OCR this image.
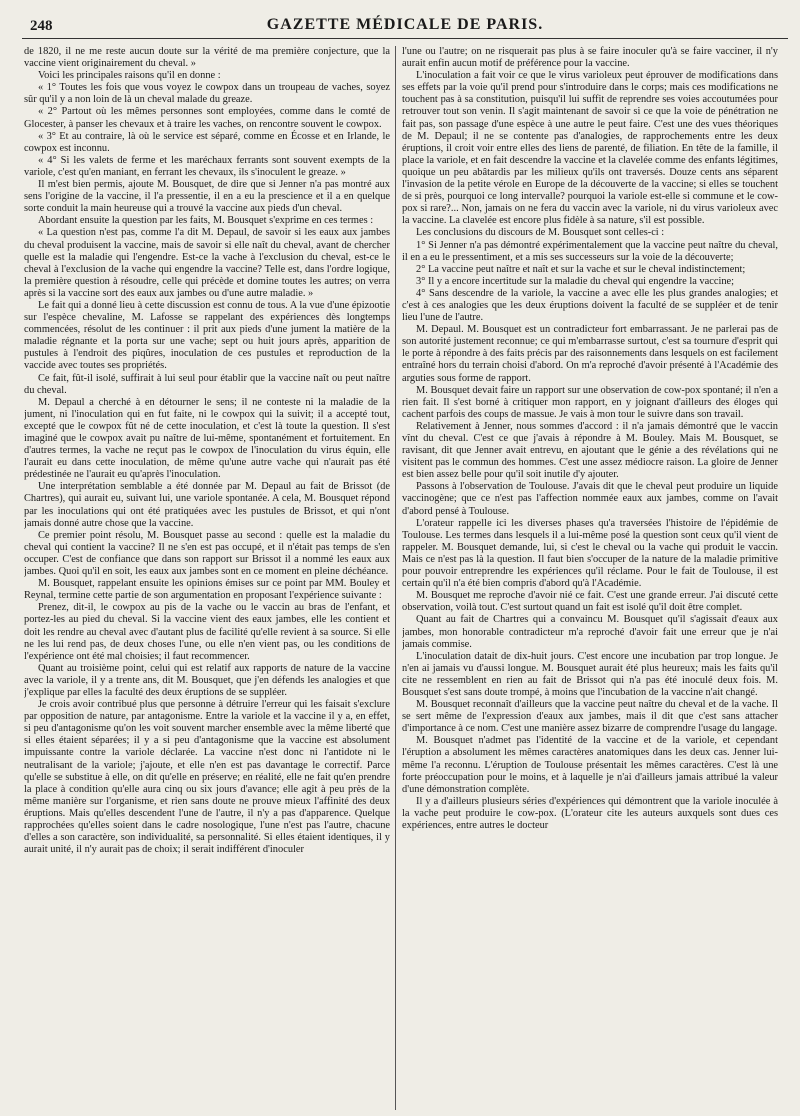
248	GAZETTE MÉDICALE DE PARIS.

de 1820, il ne me reste aucun doute sur la vérité de ma première conjecture, que la vaccine vient originairement du cheval. »

Voici les principales raisons qu'il en donne :

« 1° Toutes les fois que vous voyez le cowpox dans un troupeau de vaches, soyez sûr qu'il y a non loin de là un cheval malade du greaze.

« 2° Partout où les mêmes personnes sont employées, comme dans le comté de Glocester, à panser les chevaux et à traire les vaches, on rencontre souvent le cowpox.

« 3° Et au contraire, là où le service est séparé, comme en Écosse et en Irlande, le cowpox est inconnu.

« 4° Si les valets de ferme et les maréchaux ferrants sont souvent exempts de la variole, c'est qu'en maniant, en ferrant les chevaux, ils s'inoculent le greaze. »

Il m'est bien permis, ajoute M. Bousquet, de dire que si Jenner n'a pas montré aux sens l'origine de la vaccine, il l'a pressentie, il en a eu la prescience et il a en quelque sorte conduit la main heureuse qui a trouvé la vaccine aux pieds d'un cheval.

Abordant ensuite la question par les faits, M. Bousquet s'exprime en ces termes :

« La question n'est pas, comme l'a dit M. Depaul, de savoir si les eaux aux jambes du cheval produisent la vaccine, mais de savoir si elle naît du cheval, avant de chercher quelle est la maladie qui l'engendre. Est-ce la vache à l'exclusion du cheval, est-ce le cheval à l'exclusion de la vache qui engendre la vaccine? Telle est, dans l'ordre logique, la première question à résoudre, celle qui précède et domine toutes les autres; on verra après si la vaccine sort des eaux aux jambes ou d'une autre maladie. »

Le fait qui a donné lieu à cette discussion est connu de tous. A la vue d'une épizootie sur l'espèce chevaline, M. Lafosse se rappelant des expériences dès longtemps commencées, résolut de les continuer : il prit aux pieds d'une jument la matière de la maladie régnante et la porta sur une vache; sept ou huit jours après, apparition de pustules à l'endroit des piqûres, inoculation de ces pustules et reproduction de la vaccide avec toutes ses propriétés.

Ce fait, fût-il isolé, suffirait à lui seul pour établir que la vaccine naît ou peut naître du cheval.

M. Depaul a cherché à en détourner le sens; il ne conteste ni la maladie de la jument, ni l'inoculation qui en fut faite, ni le cowpox qui la suivit; il a accepté tout, excepté que le cowpox fût né de cette inoculation, et c'est là toute la question. Il s'est imaginé que le cowpox avait pu naître de lui-même, spontanément et fortuitement. En d'autres termes, la vache ne reçut pas le cowpox de l'inoculation du virus équin, elle l'aurait eu dans cette inoculation, de même qu'une autre vache qui n'aurait pas été prédestinée ne l'aurait eu qu'après l'inoculation.

Une interprétation semblable a été donnée par M. Depaul au fait de Brissot (de Chartres), qui aurait eu, suivant lui, une variole spontanée. A cela, M. Bousquet répond par les inoculations qui ont été pratiquées avec les pustules de Brissot, et qui n'ont jamais donné autre chose que la vaccine.

Ce premier point résolu, M. Bousquet passe au second : quelle est la maladie du cheval qui contient la vaccine? Il ne s'en est pas occupé, et il n'était pas temps de s'en occuper. C'est de confiance que dans son rapport sur Brissot il a nommé les eaux aux jambes. Quoi qu'il en soit, les eaux aux jambes sont en ce moment en pleine déchéance.

M. Bousquet, rappelant ensuite les opinions émises sur ce point par MM. Bouley et Reynal, termine cette partie de son argumentation en proposant l'expérience suivante :

Prenez, dit-il, le cowpox au pis de la vache ou le vaccin au bras de l'enfant, et portez-les au pied du cheval. Si la vaccine vient des eaux jambes, elle les contient et doit les rendre au cheval avec d'autant plus de facilité qu'elle revient à sa source. Si elle ne les lui rend pas, de deux choses l'une, ou elle n'en vient pas, ou les conditions de l'expérience ont été mal choisies; il faut recommencer.

Quant au troisième point, celui qui est relatif aux rapports de nature de la vaccine avec la variole, il y a trente ans, dit M. Bousquet, que j'en défends les analogies et que j'explique par elles la faculté des deux éruptions de se suppléer.

Je crois avoir contribué plus que personne à détruire l'erreur qui les faisait s'exclure par opposition de nature, par antagonisme. Entre la variole et la vaccine il y a, en effet, si peu d'antagonisme qu'on les voit souvent marcher ensemble avec la même liberté que si elles étaient séparées; il y a si peu d'antagonisme que la vaccine est absolument impuissante contre la variole déclarée. La vaccine n'est donc ni l'antidote ni le neutralisant de la variole; j'ajoute, et elle n'en est pas davantage le correctif. Parce qu'elle se substitue à elle, on dit qu'elle en préserve; en réalité, elle ne fait qu'en prendre la place à condition qu'elle aura cinq ou six jours d'avance; elle agit à peu près de la même manière sur l'organisme, et rien sans doute ne prouve mieux l'affinité des deux éruptions. Mais qu'elles descendent l'une de l'autre, il n'y a pas d'apparence. Quelque rapprochées qu'elles soient dans le cadre nosologique, l'une n'est pas l'autre, chacune d'elles a son caractère, son individualité, sa personnalité. Si elles étaient identiques, il y aurait unité, il n'y aurait pas de choix; il serait indifférent d'inoculer

l'une ou l'autre; on ne risquerait pas plus à se faire inoculer qu'à se faire vacciner, il n'y aurait enfin aucun motif de préférence pour la vaccine.

L'inoculation a fait voir ce que le virus varioleux peut éprouver de modifications dans ses effets par la voie qu'il prend pour s'introduire dans le corps; mais ces modifications ne touchent pas à sa constitution, puisqu'il lui suffit de reprendre ses voies accoutumées pour retrouver tout son venin. Il s'agit maintenant de savoir si ce que la voie de pénétration ne fait pas, son passage d'une espèce à une autre le peut faire. C'est une des vues théoriques de M. Depaul; il ne se contente pas d'analogies, de rapprochements entre les deux éruptions, il croit voir entre elles des liens de parenté, de filiation. En tête de la famille, il place la variole, et en fait descendre la vaccine et la clavelée comme des enfants légitimes, quoique un peu abâtardis par les milieux qu'ils ont traversés. Douze cents ans séparent l'invasion de la petite vérole en Europe de la découverte de la vaccine; si elles se touchent de si près, pourquoi ce long intervalle? pourquoi la variole est-elle si commune et le cow-pox si rare?... Non, jamais on ne fera du vaccin avec la variole, ni du virus varioleux avec la vaccine. La clavelée est encore plus fidèle à sa nature, s'il est possible.

Les conclusions du discours de M. Bousquet sont celles-ci :

1° Si Jenner n'a pas démontré expérimentalement que la vaccine peut naître du cheval, il en a eu le pressentiment, et a mis ses successeurs sur la voie de la découverte;

2° La vaccine peut naître et naît et sur la vache et sur le cheval indistinctement;

3° Il y a encore incertitude sur la maladie du cheval qui engendre la vaccine;

4° Sans descendre de la variole, la vaccine a avec elle les plus grandes analogies; et c'est à ces analogies que les deux éruptions doivent la faculté de se suppléer et de tenir lieu l'une de l'autre.

M. Depaul. M. Bousquet est un contradicteur fort embarrassant. Je ne parlerai pas de son autorité justement reconnue; ce qui m'embarrasse surtout, c'est sa tournure d'esprit qui le porte à répondre à des faits précis par des raisonnements dans lesquels on est facilement entraîné hors du terrain choisi d'abord. On m'a reproché d'avoir présenté à l'Académie des arguties sous forme de rapport.

M. Bousquet devait faire un rapport sur une observation de cow-pox spontané; il n'en a rien fait. Il s'est borné à critiquer mon rapport, en y joignant d'ailleurs des éloges qui cachent parfois des coups de massue. Je vais à mon tour le suivre dans son travail.

Relativement à Jenner, nous sommes d'accord : il n'a jamais démontré que le vaccin vînt du cheval. C'est ce que j'avais à répondre à M. Bouley. Mais M. Bousquet, se ravisant, dit que Jenner avait entrevu, en ajoutant que le génie a des révélations qui ne visitent pas le commun des hommes. C'est une assez médiocre raison. La gloire de Jenner est bien assez belle pour qu'il soit inutile d'y ajouter.

Passons à l'observation de Toulouse. J'avais dit que le cheval peut produire un liquide vaccinogène; que ce n'est pas l'affection nommée eaux aux jambes, comme on l'avait d'abord pensé à Toulouse.

L'orateur rappelle ici les diverses phases qu'a traversées l'histoire de l'épidémie de Toulouse. Les termes dans lesquels il a lui-même posé la question sont ceux qu'il vient de rappeler. M. Bousquet demande, lui, si c'est le cheval ou la vache qui produit le vaccin. Mais ce n'est pas là la question. Il faut bien s'occuper de la nature de la maladie primitive pour pouvoir entreprendre les expériences qu'il réclame. Pour le fait de Toulouse, il est certain qu'il n'a été bien compris d'abord qu'à l'Académie.

M. Bousquet me reproche d'avoir nié ce fait. C'est une grande erreur. J'ai discuté cette observation, voilà tout. C'est surtout quand un fait est isolé qu'il doit être complet.

Quant au fait de Chartres qui a convaincu M. Bousquet qu'il s'agissait d'eaux aux jambes, mon honorable contradicteur m'a reproché d'avoir fait une erreur que je n'ai jamais commise.

L'inoculation datait de dix-huit jours. C'est encore une incubation par trop longue. Je n'en ai jamais vu d'aussi longue. M. Bousquet aurait été plus heureux; mais les faits qu'il cite ne ressemblent en rien au fait de Brissot qui n'a pas été inoculé deux fois. M. Bousquet s'est sans doute trompé, à moins que l'incubation de la vaccine n'ait changé.

M. Bousquet reconnaît d'ailleurs que la vaccine peut naître du cheval et de la vache. Il se sert même de l'expression d'eaux aux jambes, mais il dit que c'est sans attacher d'importance à ce nom. C'est une manière assez bizarre de comprendre l'usage du langage.

M. Bousquet n'admet pas l'identité de la vaccine et de la variole, et cependant l'éruption a absolument les mêmes caractères anatomiques dans les deux cas. Jenner lui-même l'a reconnu. L'éruption de Toulouse présentait les mêmes caractères. C'est là une forte préoccupation pour le moins, et à laquelle je n'ai d'ailleurs jamais attribué la valeur d'une démonstration complète.

Il y a d'ailleurs plusieurs séries d'expériences qui démontrent que la variole inoculée à la vache peut produire le cow-pox. (L'orateur cite les auteurs auxquels sont dues ces expériences, entre autres le docteur
